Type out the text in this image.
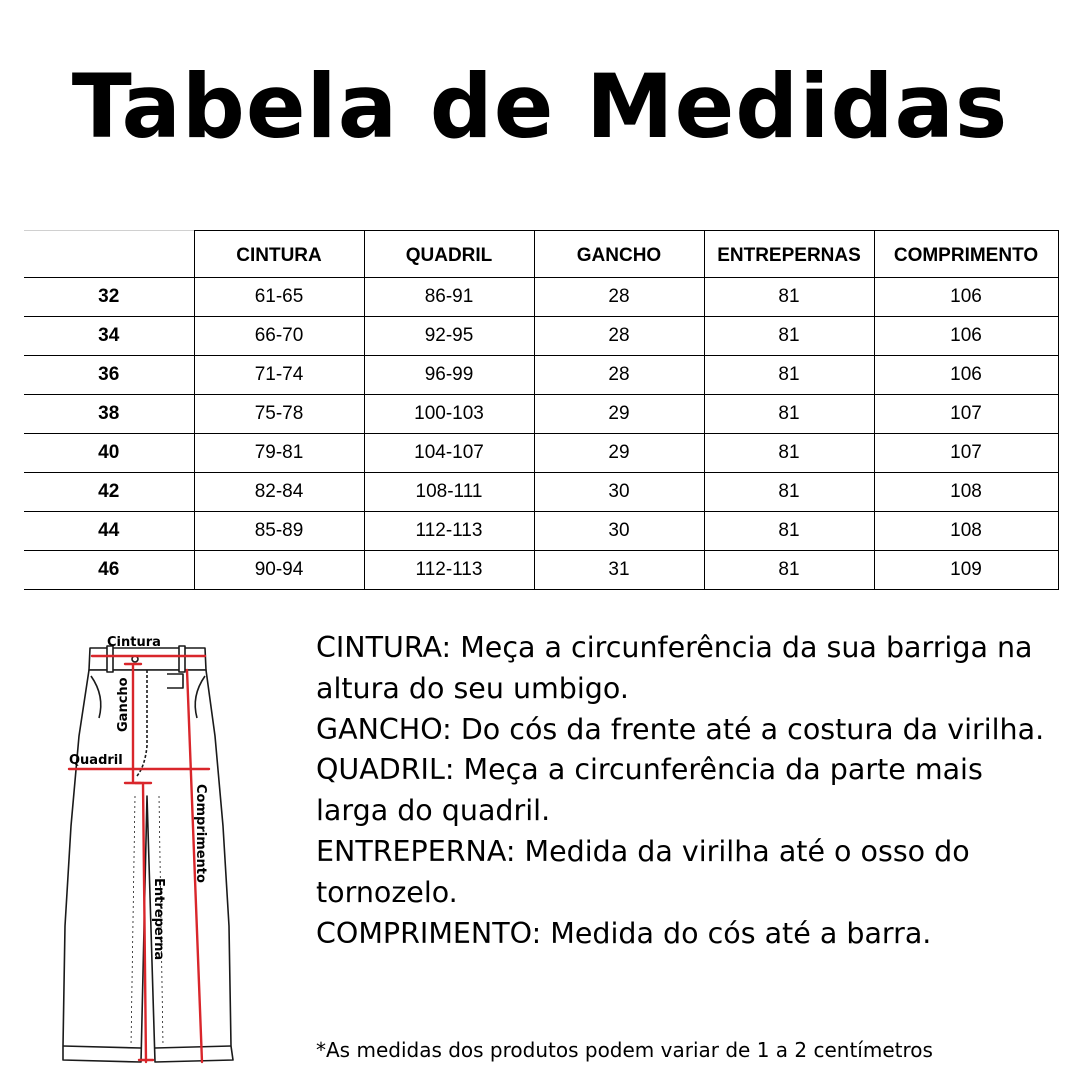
Tabela de Medidas
	CINTURA	QUADRIL	GANCHO	ENTREPERNAS	COMPRIMENTO
32	61-65	86-91	28	81	106
34	66-70	92-95	28	81	106
36	71-74	96-99	28	81	106
38	75-78	100-103	29	81	107
40	79-81	104-107	29	81	107
42	82-84	108-111	30	81	108
44	85-89	112-113	30	81	108
46	90-94	112-113	31	81	109
Cintura
Quadril
Gancho
Comprimento
Entreperna

CINTURA: Meça a circunferência da sua barriga na altura do seu umbigo.

GANCHO: Do cós da frente até a costura da virilha.

QUADRIL: Meça a circunferência da parte mais larga do quadril.

ENTREPERNA: Medida da virilha até o osso do tornozelo.

COMPRIMENTO: Medida do cós até a barra.

*As medidas dos produtos podem variar de 1 a 2 centímetros
